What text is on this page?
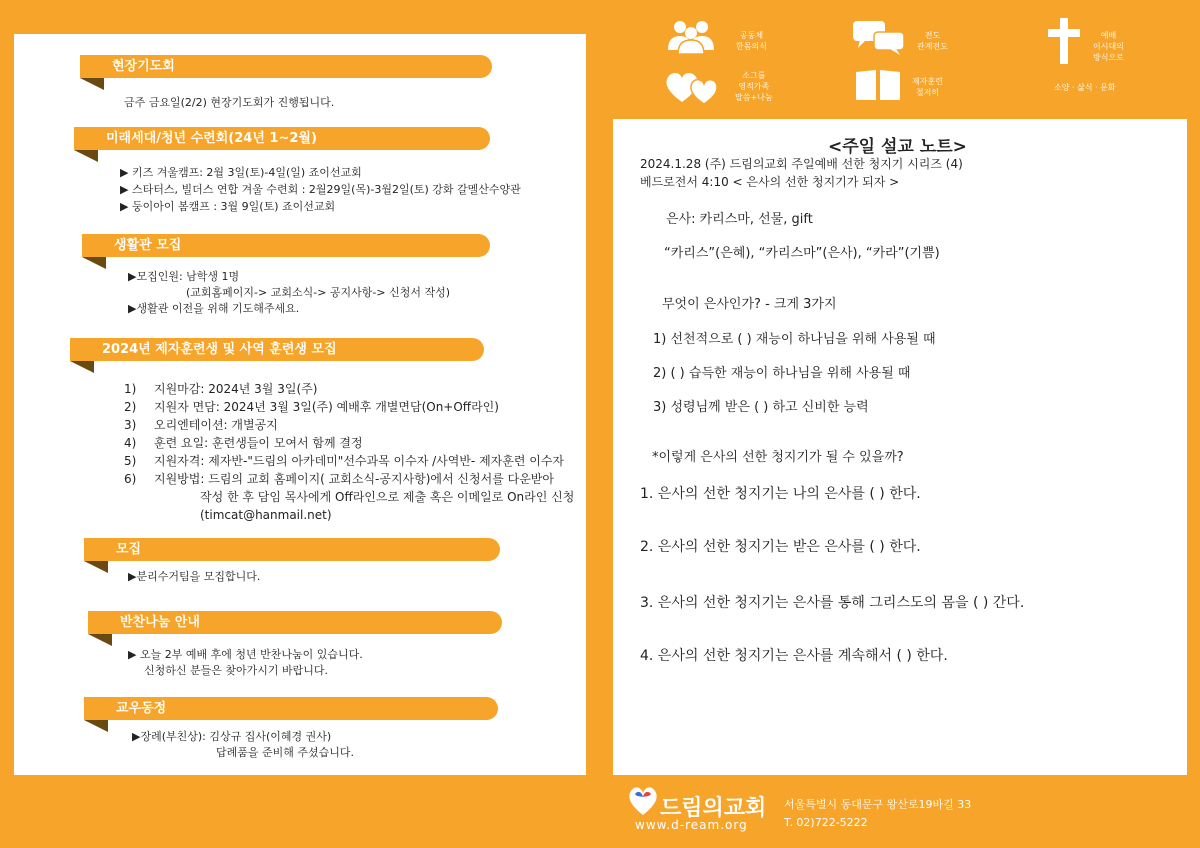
현장기도회
금주 금요일(2/2) 현장기도회가 진행됩니다.
미래세대/청년 수련회(24년 1~2월)
▶ 키즈 겨울캠프: 2월 3일(토)-4일(일) 죠이선교회
▶ 스타터스, 빌더스 연합 겨울 수련회 : 2월29일(목)-3월2일(토) 강화 갈멜산수양관
▶ 둥이아이 봄캠프 : 3월 9일(토) 죠이선교회
생활관 모집
▶모집인원: 남학생 1명
(교회홈페이지-> 교회소식-> 공지사항-> 신청서 작성)
▶생활관 이전을 위해 기도해주세요.
2024년 제자훈련생 및 사역 훈련생 모집
1) 지원마감: 2024년 3월 3일(주)
2) 지원자 면담: 2024년 3월 3일(주) 예배후 개별면담(On+Off라인)
3) 오리엔테이션: 개별공지
4) 훈련 요일: 훈련생들이 모여서 함께 결정
5) 지원자격: 제자반-"드림의 아카데미"선수과목 이수자 /사역반- 제자훈련 이수자
6) 지원방법: 드림의 교회 홈페이지( 교회소식-공지사항)에서 신청서를 다운받아
작성 한 후 담임 목사에게 Off라인으로 제출 혹은 이메일로 On라인 신청
(timcat@hanmail.net)
모집
▶분리수거팀을 모집합니다.
반찬나눔 안내
▶ 오늘 2부 예배 후에 청년 반찬나눔이 있습니다.
신청하신 분들은 찾아가시기 바랍니다.
교우동정
▶장례(부친상): 김상규 집사(이혜경 권사)
답례품을 준비해 주셨습니다.
공동체
한몸의식
전도
관계전도
예배
이시대의
방식으로
소그룹
영적가족
말씀+나눔
제자훈련
철저히
소양 · 삶식 · 문화
<주일 설교 노트>
2024.1.28 (주) 드림의교회 주일예배 선한 청지기 시리즈 (4)
베드로전서 4:10 < 은사의 선한 청지기가 되자 >
은사: 카리스마, 선물, gift
“카리스”(은혜), “카리스마”(은사), “카라”(기쁨)
무엇이 은사인가? - 크게 3가지
1) 선천적으로 ( ) 재능이 하나님을 위해 사용될 때
2) ( ) 습득한 재능이 하나님을 위해 사용될 때
3) 성령님께 받은 ( ) 하고 신비한 능력
*이렇게 은사의 선한 청지기가 될 수 있을까?
1. 은사의 선한 청지기는 나의 은사를 ( ) 한다.
2. 은사의 선한 청지기는 받은 은사를 ( ) 한다.
3. 은사의 선한 청지기는 은사를 통해 그리스도의 몸을 ( ) 간다.
4. 은사의 선한 청지기는 은사를 계속해서 ( ) 한다.
드림의교회
www.d-ream.org
서울특별시 동대문구 왕산로19바길 33
T. 02)722-5222
